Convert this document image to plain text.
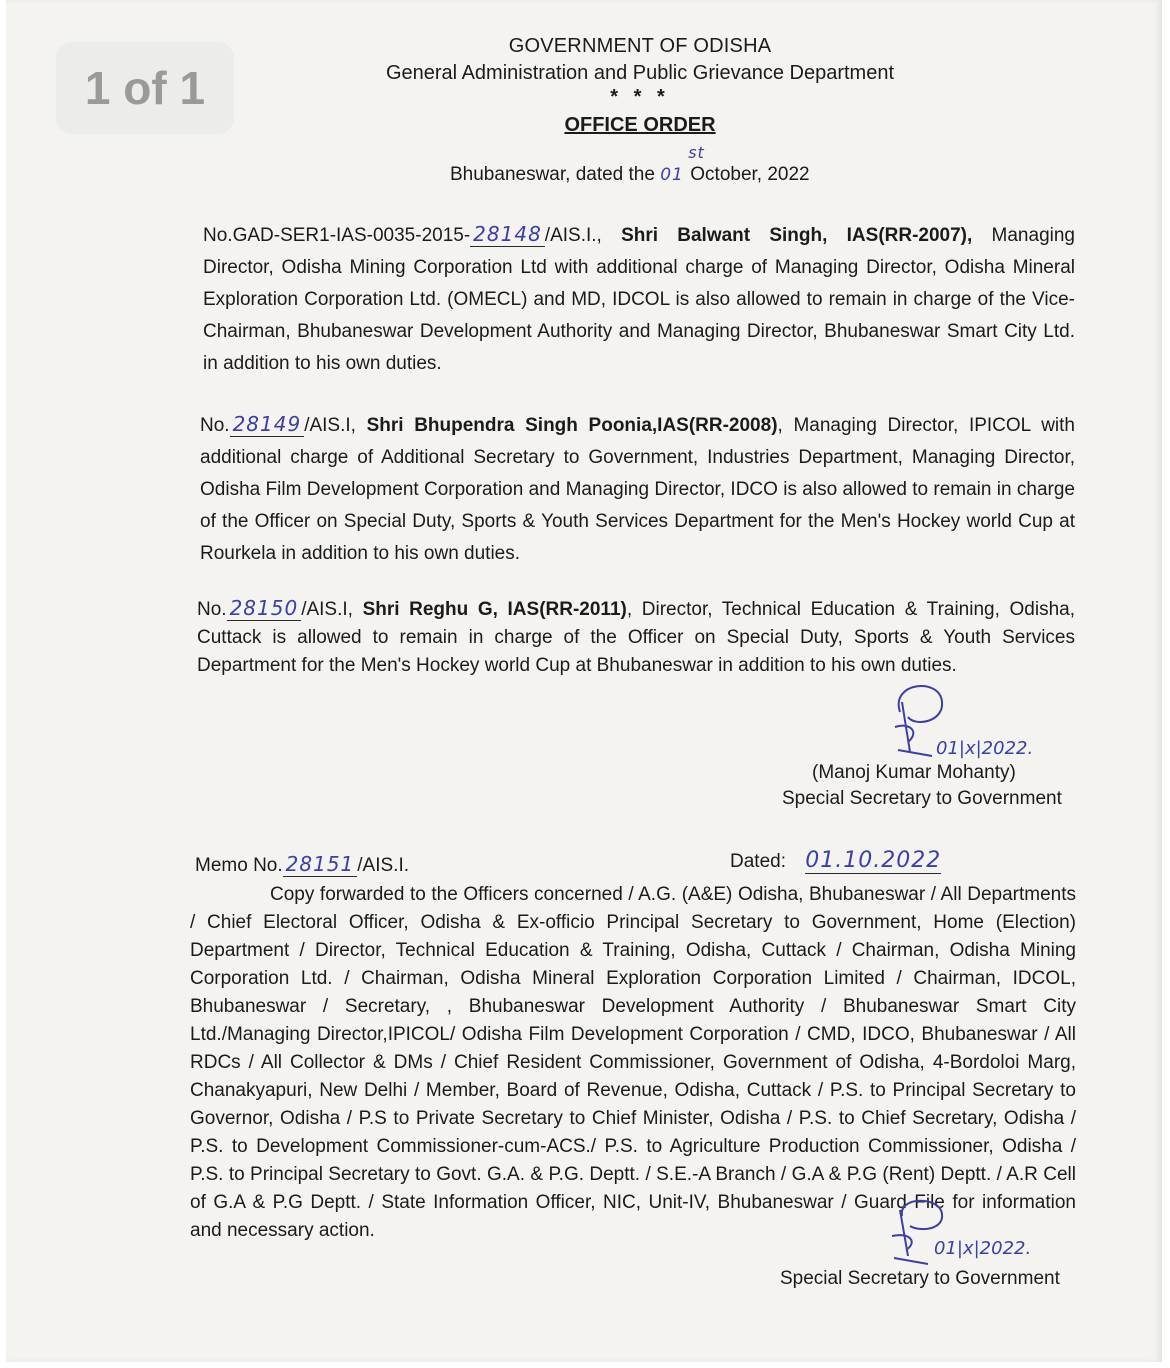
1 of 1
GOVERNMENT OF ODISHA
General Administration and Public Grievance Department
* * *
OFFICE ORDER
Bhubaneswar, dated the 01
st
October, 2022
No.GAD-SER1-IAS-0035-2015- 28148 /AIS.I., Shri Balwant Singh, IAS(RR-2007), Managing Director, Odisha Mining Corporation Ltd with additional charge of Managing Director, Odisha Mineral Exploration Corporation Ltd. (OMECL) and MD, IDCOL is also allowed to remain in charge of the Vice-Chairman, Bhubaneswar Development Authority and Managing Director, Bhubaneswar Smart City Ltd. in addition to his own duties.
No. 28149 /AIS.I, Shri Bhupendra Singh Poonia,IAS(RR-2008), Managing Director, IPICOL with additional charge of Additional Secretary to Government, Industries Department, Managing Director, Odisha Film Development Corporation and Managing Director, IDCO is also allowed to remain in charge of the Officer on Special Duty, Sports & Youth Services Department for the Men's Hockey world Cup at Rourkela in addition to his own duties.
No. 28150 /AIS.I, Shri Reghu G, IAS(RR-2011), Director, Technical Education & Training, Odisha, Cuttack is allowed to remain in charge of the Officer on Special Duty, Sports & Youth Services Department for the Men's Hockey world Cup at Bhubaneswar in addition to his own duties.
01|x|2022.
(Manoj Kumar Mohanty)
Special Secretary to Government
Memo No. 28151 /AIS.I.	Dated: 01.10.2022
Copy forwarded to the Officers concerned / A.G. (A&E) Odisha, Bhubaneswar / All Departments / Chief Electoral Officer, Odisha & Ex-officio Principal Secretary to Government, Home (Election) Department / Director, Technical Education & Training, Odisha, Cuttack / Chairman, Odisha Mining Corporation Ltd. / Chairman, Odisha Mineral Exploration Corporation Limited / Chairman, IDCOL, Bhubaneswar / Secretary, , Bhubaneswar Development Authority / Bhubaneswar Smart City Ltd./Managing Director,IPICOL/ Odisha Film Development Corporation / CMD, IDCO, Bhubaneswar / All RDCs / All Collector & DMs / Chief Resident Commissioner, Government of Odisha, 4-Bordoloi Marg, Chanakyapuri, New Delhi / Member, Board of Revenue, Odisha, Cuttack / P.S. to Principal Secretary to Governor, Odisha / P.S to Private Secretary to Chief Minister, Odisha / P.S. to Chief Secretary, Odisha / P.S. to Development Commissioner-cum-ACS./ P.S. to Agriculture Production Commissioner, Odisha / P.S. to Principal Secretary to Govt. G.A. & P.G. Deptt. / S.E.-A Branch / G.A & P.G (Rent) Deptt. / A.R Cell of G.A & P.G Deptt. / State Information Officer, NIC, Unit-IV, Bhubaneswar / Guard File for information and necessary action.
01|x|2022.
Special Secretary to Government
